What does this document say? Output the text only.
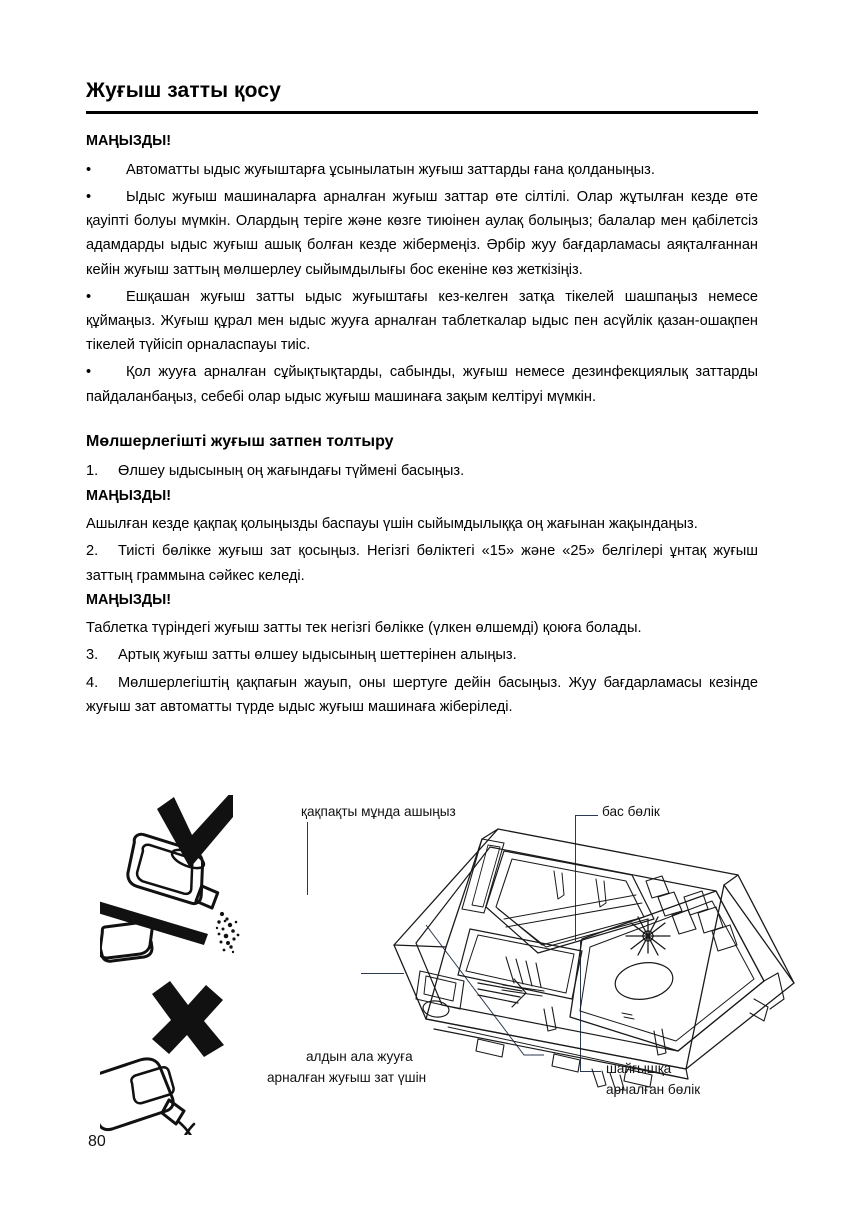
Жуғыш затты қосу

МАҢЫЗДЫ!

• Автоматты ыдыс жуғыштарға ұсынылатын жуғыш заттарды ғана қолданыңыз.

• Ыдыс жуғыш машиналарға арналған жуғыш заттар өте сілтілі. Олар жұтылған кезде өте қауіпті болуы мүмкін. Олардың теріге және көзге тиюінен аулақ болыңыз; балалар мен қабілетсіз адамдарды ыдыс жуғыш ашық болған кезде жібермеңіз. Әрбір жуу бағдарламасы аяқталғаннан кейін жуғыш заттың мөлшерлеу сыйымдылығы бос екеніне көз жеткізіңіз.

• Ешқашан жуғыш затты ыдыс жуғыштағы кез-келген затқа тікелей шашпаңыз немесе құймаңыз. Жуғыш құрал мен ыдыс жууға арналған таблеткалар ыдыс пен асүйлік қазан-ошақпен тікелей түйісіп орналаспауы тиіс.

• Қол жууға арналған сұйықтықтарды, сабынды, жуғыш немесе дезинфекциялық заттарды пайдаланбаңыз, себебі олар ыдыс жуғыш машинаға зақым келтіруі мүмкін.

Мөлшерлегішті жуғыш затпен толтыру

1. Өлшеу ыдысының оң жағындағы түймені басыңыз.

МАҢЫЗДЫ!

Ашылған кезде қақпақ қолыңызды баспауы үшін сыйымдылыққа оң жағынан жақындаңыз.

2. Тиісті бөлікке жуғыш зат қосыңыз. Негізгі бөліктегі «15» және «25» белгілері ұнтақ жуғыш заттың граммына сәйкес келеді.

МАҢЫЗДЫ!

Таблетка түріндегі жуғыш затты тек негізгі бөлікке (үлкен өлшемді) қоюға болады.

3. Артық жуғыш затты өлшеу ыдысының шеттерінен алыңыз.

4. Мөлшерлегіштің қақпағын жауып, оны шертуге дейін басыңыз. Жуу бағдарламасы кезінде жуғыш зат автоматты түрде ыдыс жуғыш машинаға жіберіледі.

қақпақты мұнда ашыңыз	бас бөлік
алдын ала жууға
арналған жуғыш зат үшін
шайғышқа
арналған бөлік
80
